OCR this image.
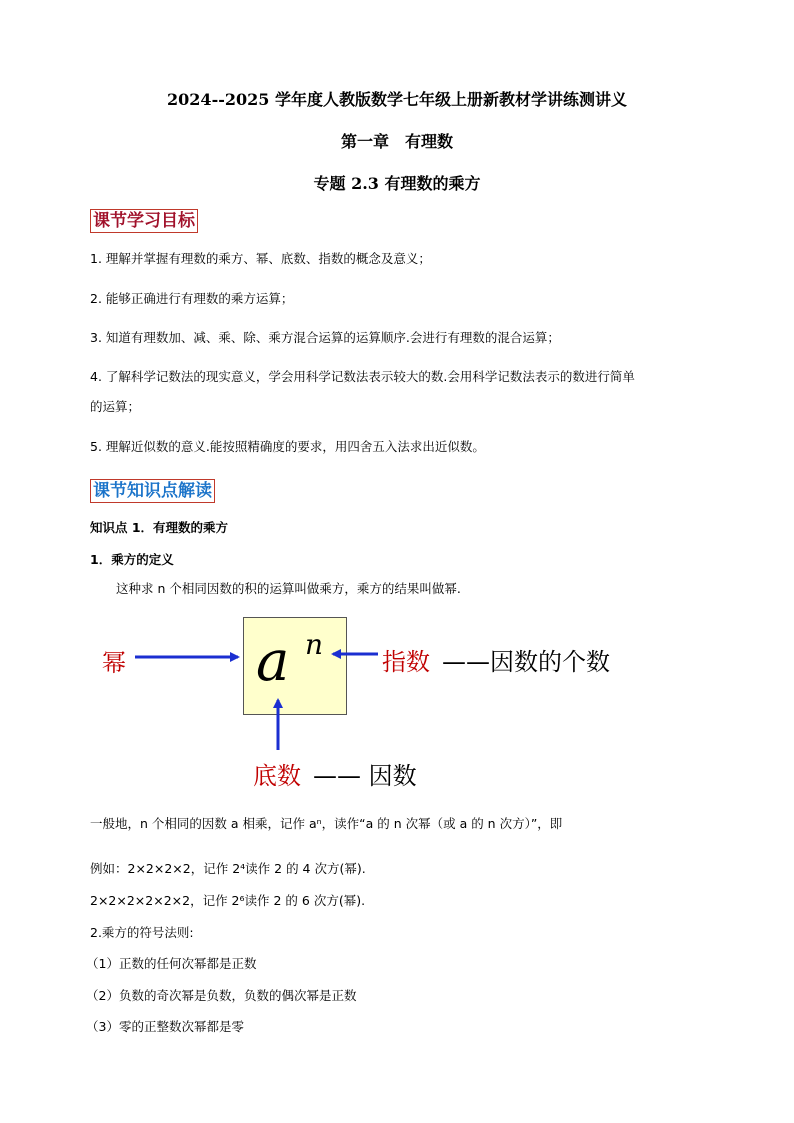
2024--2025 学年度人教版数学七年级上册新教材学讲练测讲义
第一章　有理数
专题 2.3 有理数的乘方
课节学习目标
1. 理解并掌握有理数的乘方、幂、底数、指数的概念及意义；
2. 能够正确进行有理数的乘方运算；
3. 知道有理数加、减、乘、除、乘方混合运算的运算顺序.会进行有理数的混合运算；
4. 了解科学记数法的现实意义，学会用科学记数法表示较大的数.会用科学记数法表示的数进行简单
的运算；
5. 理解近似数的意义.能按照精确度的要求，用四舍五入法求出近似数。
课节知识点解读
知识点 1．有理数的乘方
1．乘方的定义
这种求 n 个相同因数的积的运算叫做乘方，乘方的结果叫做幂.
a n
幂	指数 ——因数的个数
底数 —— 因数
一般地，n 个相同的因数 a 相乘，记作 aⁿ，读作“a 的 n 次幂（或 a 的 n 次方）”，即
例如：2×2×2×2，记作 2⁴读作 2 的 4 次方(幂).
2×2×2×2×2×2，记作 2⁶读作 2 的 6 次方(幂).
2.乘方的符号法则:
（1）正数的任何次幂都是正数
（2）负数的奇次幂是负数，负数的偶次幂是正数
（3）零的正整数次幂都是零
